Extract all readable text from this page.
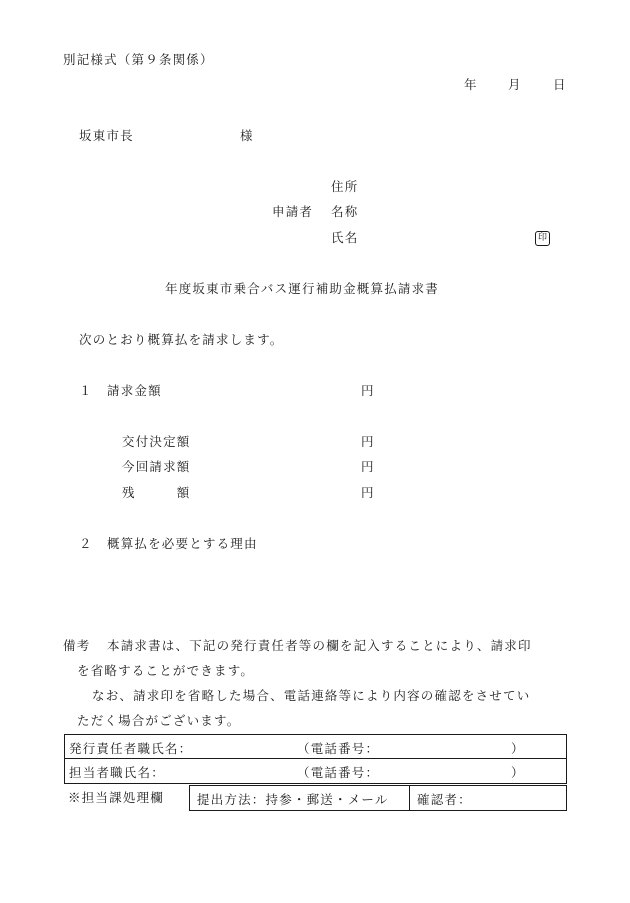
別記様式（第９条関係）
年 月	日
坂東市長	様
住所
申請者 名称
氏名	印
年度坂東市乗合バス運行補助金概算払請求書
次のとおり概算払を請求します。
１ 請求金額	円
交付決定額	円
今回請求額	円
残　　　額	円
２ 概算払を必要とする理由
備考 本請求書は、下記の発行責任者等の欄を記入することにより、請求印
を省略することができます。
なお、請求印を省略した場合、電話連絡等により内容の確認をさせてい
ただく場合がございます。
発行責任者職氏名：	（電話番号：	）
担当者職氏名：	（電話番号：	）
※担当課処理欄	提出方法：持参・郵送・メール 確認者：
